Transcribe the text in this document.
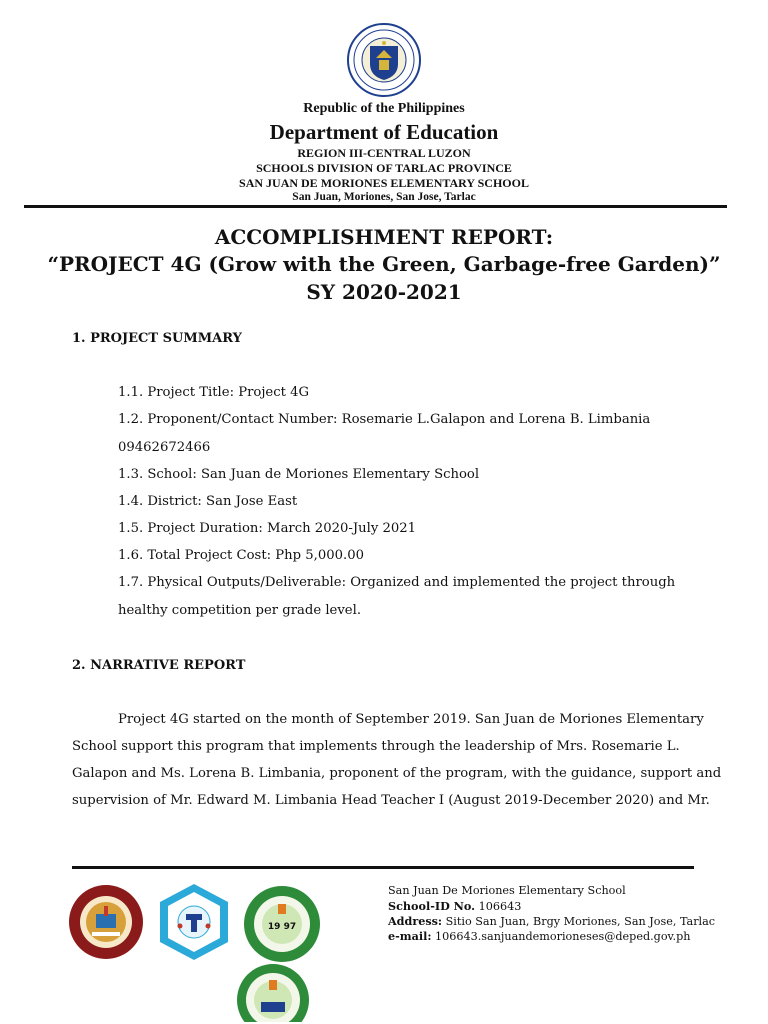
Republic of the Philippines
Department of Education
REGION III-CENTRAL LUZON
SCHOOLS DIVISION OF TARLAC PROVINCE
SAN JUAN DE MORIONES ELEMENTARY SCHOOL
San Juan, Moriones, San Jose, Tarlac
ACCOMPLISHMENT REPORT:
“PROJECT 4G (Grow with the Green, Garbage-free Garden)”
SY 2020-2021
1. PROJECT SUMMARY
1.1. Project Title: Project 4G
1.2. Proponent/Contact Number: Rosemarie L.Galapon and Lorena B. Limbania
09462672466
1.3. School: San Juan de Moriones Elementary School
1.4. District: San Jose East
1.5. Project Duration: March 2020-July 2021
1.6. Total Project Cost: Php 5,000.00
1.7. Physical Outputs/Deliverable: Organized and implemented the project through
healthy competition per grade level.
2. NARRATIVE REPORT
Project 4G started on the month of September 2019. San Juan de Moriones Elementary
School support this program that implements through the leadership of Mrs. Rosemarie L.
Galapon and Ms. Lorena B. Limbania, proponent of the program, with the guidance, support and
supervision of Mr. Edward M. Limbania Head Teacher I (August 2019-December 2020) and Mr.
19 97
San Juan De Moriones Elementary School
School-ID No. 106643
Address: Sitio San Juan, Brgy Moriones, San Jose, Tarlac
e-mail: 106643.sanjuandemorioneses@deped.gov.ph
